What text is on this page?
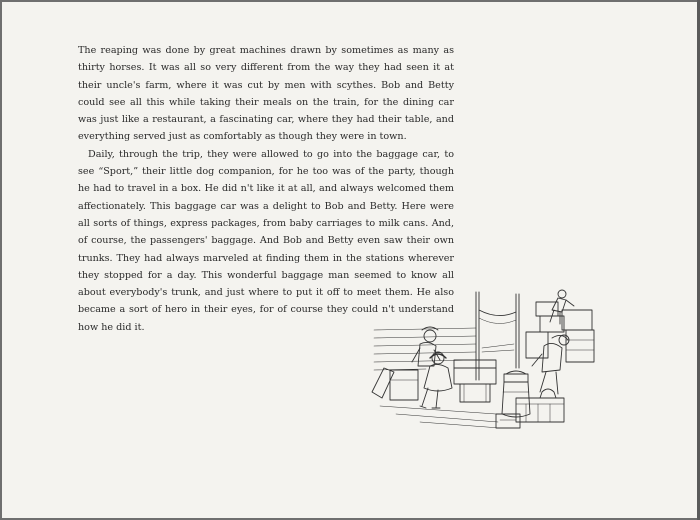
The reaping was done by great machines drawn by sometimes as many as thirty horses. It was all so very different from the way they had seen it at their uncle's farm, where it was cut by men with scythes. Bob and Betty could see all this while taking their meals on the train, for the dining car was just like a restaurant, a fascinating car, where they had their table, and everything served just as comfortably as though they were in town.

Daily, through the trip, they were allowed to go into the baggage car, to see “Sport,” their little dog companion, for he too was of the party, though he had to travel in a box. He did n't like it at all, and always welcomed them affectionately. This baggage car was a delight to Bob and Betty. Here were all sorts of things, express packages, from baby carriages to milk cans. And, of course, the passengers' baggage. And Bob and Betty even saw their own trunks. They had always marveled at finding them in the stations wherever they stopped for a day. This wonderful baggage man seemed to know all about everybody's trunk, and just where to put it off to meet them. He also became a sort of hero in their eyes, for of course they could n't understand how he did it.
